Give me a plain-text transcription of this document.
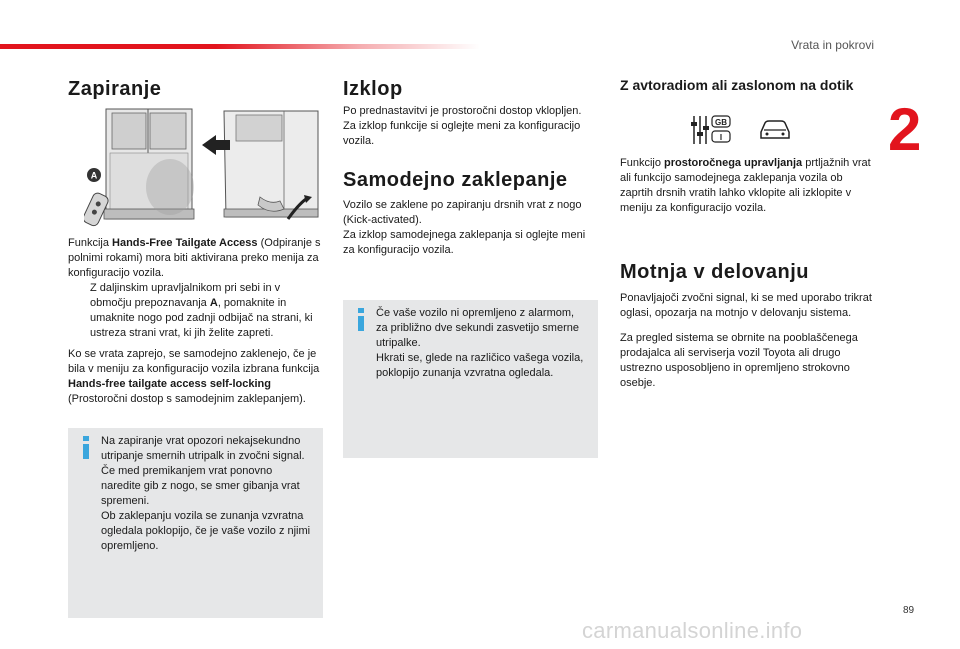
Vrata in pokrovi
2
Zapiranje
A

Funkcija Hands-Free Tailgate Access (Odpiranje s polnimi rokami) mora biti aktivirana preko menija za konfiguracijo vozila.

Z daljinskim upravljalnikom pri sebi in v območju prepoznavanja A, pomaknite in umaknite nogo pod zadnji odbijač na strani, ki ustreza strani vrat, ki jih želite zapreti.

Ko se vrata zaprejo, se samodejno zaklenejo, če je bila v meniju za konfiguracijo vozila izbrana funkcija Hands-free tailgate access self-locking (Prostoročni dostop s samodejnim zaklepanjem).

Na zapiranje vrat opozori nekajsekundno utripanje smernih utripalk in zvočni signal.
Če med premikanjem vrat ponovno naredite gib z nogo, se smer gibanja vrat spremeni.
Ob zaklepanju vozila se zunanja vzvratna ogledala poklopijo, če je vaše vozilo z njimi opremljeno.
Izklop

Po prednastavitvi je prostoročni dostop vklopljen.
Za izklop funkcije si oglejte meni za konfiguracijo vozila.

Samodejno zaklepanje

Vozilo se zaklene po zapiranju drsnih vrat z nogo (Kick-activated).
Za izklop samodejnega zaklepanja si oglejte meni za konfiguracijo vozila.

Če vaše vozilo ni opremljeno z alarmom, za približno dve sekundi zasvetijo smerne utripalke.
Hkrati se, glede na različico vašega vozila, poklopijo zunanja vzvratna ogledala.
Z avtoradiom ali zaslonom na dotik
GB
I

Funkcijo prostoročnega upravljanja prtljažnih vrat ali funkcijo samodejnega zaklepanja vozila ob zaprtih drsnih vratih lahko vklopite ali izklopite v meniju za konfiguracijo vozila.

Motnja v delovanju

Ponavljajoči zvočni signal, ki se med uporabo trikrat oglasi, opozarja na motnjo v delovanju sistema.

Za pregled sistema se obrnite na pooblaščenega prodajalca ali serviserja vozil Toyota ali drugo ustrezno usposobljeno in opremljeno strokovno osebje.

89
carmanualsonline.info
